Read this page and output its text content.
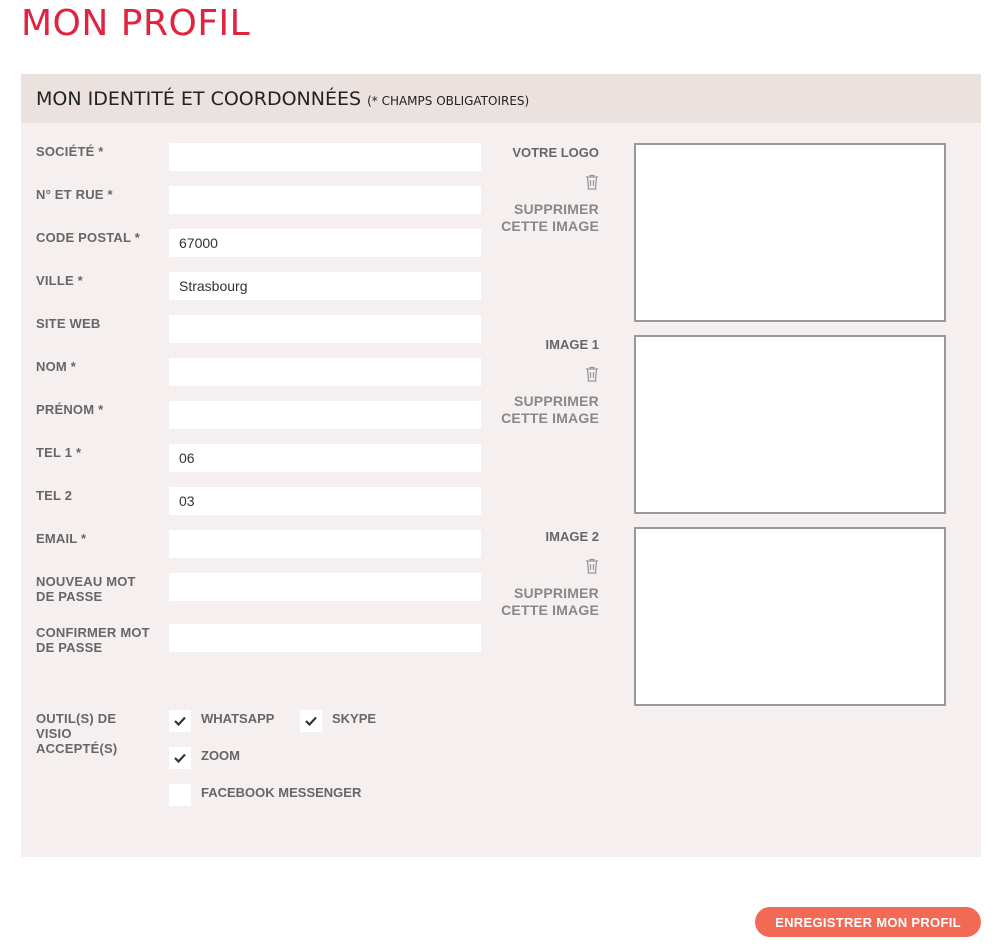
MON PROFIL
MON IDENTITÉ ET COORDONNÉES (* CHAMPS OBLIGATOIRES)
SOCIÉTÉ *
N° ET RUE *
CODE POSTAL *
67000
VILLE *
Strasbourg
SITE WEB
NOM *
PRÉNOM *
TEL 1 *
06
TEL 2
03
EMAIL *
NOUVEAU MOT DE PASSE
CONFIRMER MOT DE PASSE
VOTRE LOGO
SUPPRIMER CETTE IMAGE
IMAGE 1
SUPPRIMER CETTE IMAGE
IMAGE 2
SUPPRIMER CETTE IMAGE
OUTIL(S) DE VISIO ACCEPTÉ(S)
WHATSAPP	SKYPE
ZOOM
FACEBOOK MESSENGER
ENREGISTRER MON PROFIL
